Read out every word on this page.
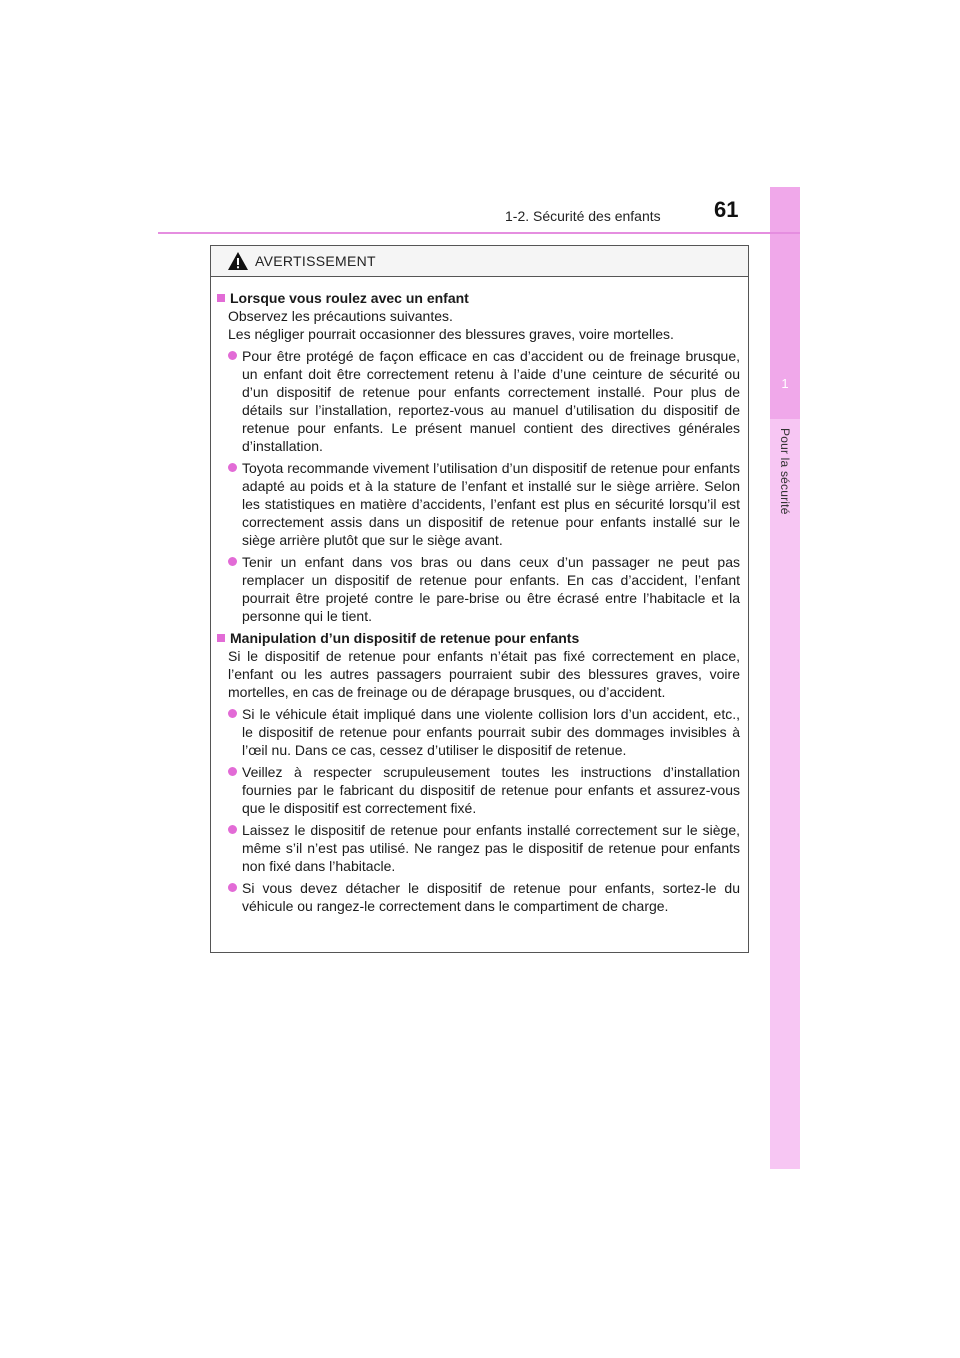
1
Pour la sécurité
1-2. Sécurité des enfants	61
AVERTISSEMENT
Lorsque vous roulez avec un enfant

Observez les précautions suivantes.

Les négliger pourrait occasionner des blessures graves, voire mortelles.

Pour être protégé de façon efficace en cas d’accident ou de freinage brusque, un enfant doit être correctement retenu à l’aide d’une ceinture de sécurité ou d’un dispositif de retenue pour enfants correctement installé. Pour plus de détails sur l’installation, reportez-vous au manuel d’utilisation du dispositif de retenue pour enfants. Le présent manuel contient des directives générales d’installation.
Toyota recommande vivement l’utilisation d’un dispositif de retenue pour enfants adapté au poids et à la stature de l’enfant et installé sur le siège arrière. Selon les statistiques en matière d’accidents, l’enfant est plus en sécurité lorsqu’il est correctement assis dans un dispositif de retenue pour enfants installé sur le siège arrière plutôt que sur le siège avant.
Tenir un enfant dans vos bras ou dans ceux d’un passager ne peut pas remplacer un dispositif de retenue pour enfants. En cas d’accident, l’enfant pourrait être projeté contre le pare-brise ou être écrasé entre l’habitacle et la personne qui le tient.
Manipulation d’un dispositif de retenue pour enfants

Si le dispositif de retenue pour enfants n’était pas fixé correctement en place, l’enfant ou les autres passagers pourraient subir des blessures graves, voire mortelles, en cas de freinage ou de dérapage brusques, ou d’accident.

Si le véhicule était impliqué dans une violente collision lors d’un accident, etc., le dispositif de retenue pour enfants pourrait subir des dommages invisibles à l’œil nu. Dans ce cas, cessez d’utiliser le dispositif de retenue.
Veillez à respecter scrupuleusement toutes les instructions d’installation fournies par le fabricant du dispositif de retenue pour enfants et assurez-vous que le dispositif est correctement fixé.
Laissez le dispositif de retenue pour enfants installé correctement sur le siège, même s’il n’est pas utilisé. Ne rangez pas le dispositif de retenue pour enfants non fixé dans l’habitacle.
Si vous devez détacher le dispositif de retenue pour enfants, sortez-le du véhicule ou rangez-le correctement dans le compartiment de charge.
